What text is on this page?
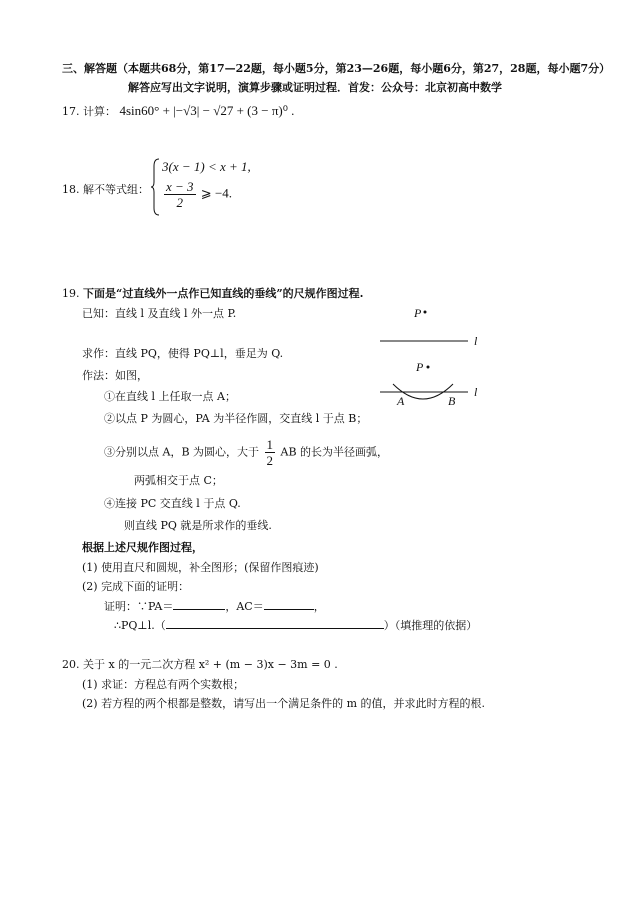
三、解答题（本题共68分，第17—22题，每小题5分，第23—26题，每小题6分，第27，28题，每小题7分）
解答应写出文字说明，演算步骤或证明过程．首发：公众号：北京初高中数学
17. 计算： 4sin60° + |−√3| − √27 + (3 − π)⁰ .
18. 解不等式组：
3(x − 1) < x + 1,
$\frac{x - 3}{2}$ ⩾ −4.
19. 下面是“过直线外一点作已知直线的垂线”的尺规作图过程.
已知：直线 l 及直线 l 外一点 P.
求作：直线 PQ，使得 PQ⊥l，垂足为 Q.
作法：如图，
①在直线 l 上任取一点 A；
②以点 P 为圆心，PA 为半径作圆，交直线 l 于点 B；
③分别以点 A，B 为圆心，大于 $\frac{1}{2}$ AB 的长为半径画弧，
两弧相交于点 C；
④连接 PC 交直线 l 于点 Q.
则直线 PQ 就是所求作的垂线.
P
l
P
A	B
l
根据上述尺规作图过程，
(1) 使用直尺和圆规，补全图形；(保留作图痕迹)
(2) 完成下面的证明：
证明：∵PA＝	，AC＝	，
∴PQ⊥l.（	）（填推理的依据）
20. 关于 x 的一元二次方程 x² + (m − 3)x − 3m = 0 .
(1) 求证：方程总有两个实数根；
(2) 若方程的两个根都是整数，请写出一个满足条件的 m 的值，并求此时方程的根.
